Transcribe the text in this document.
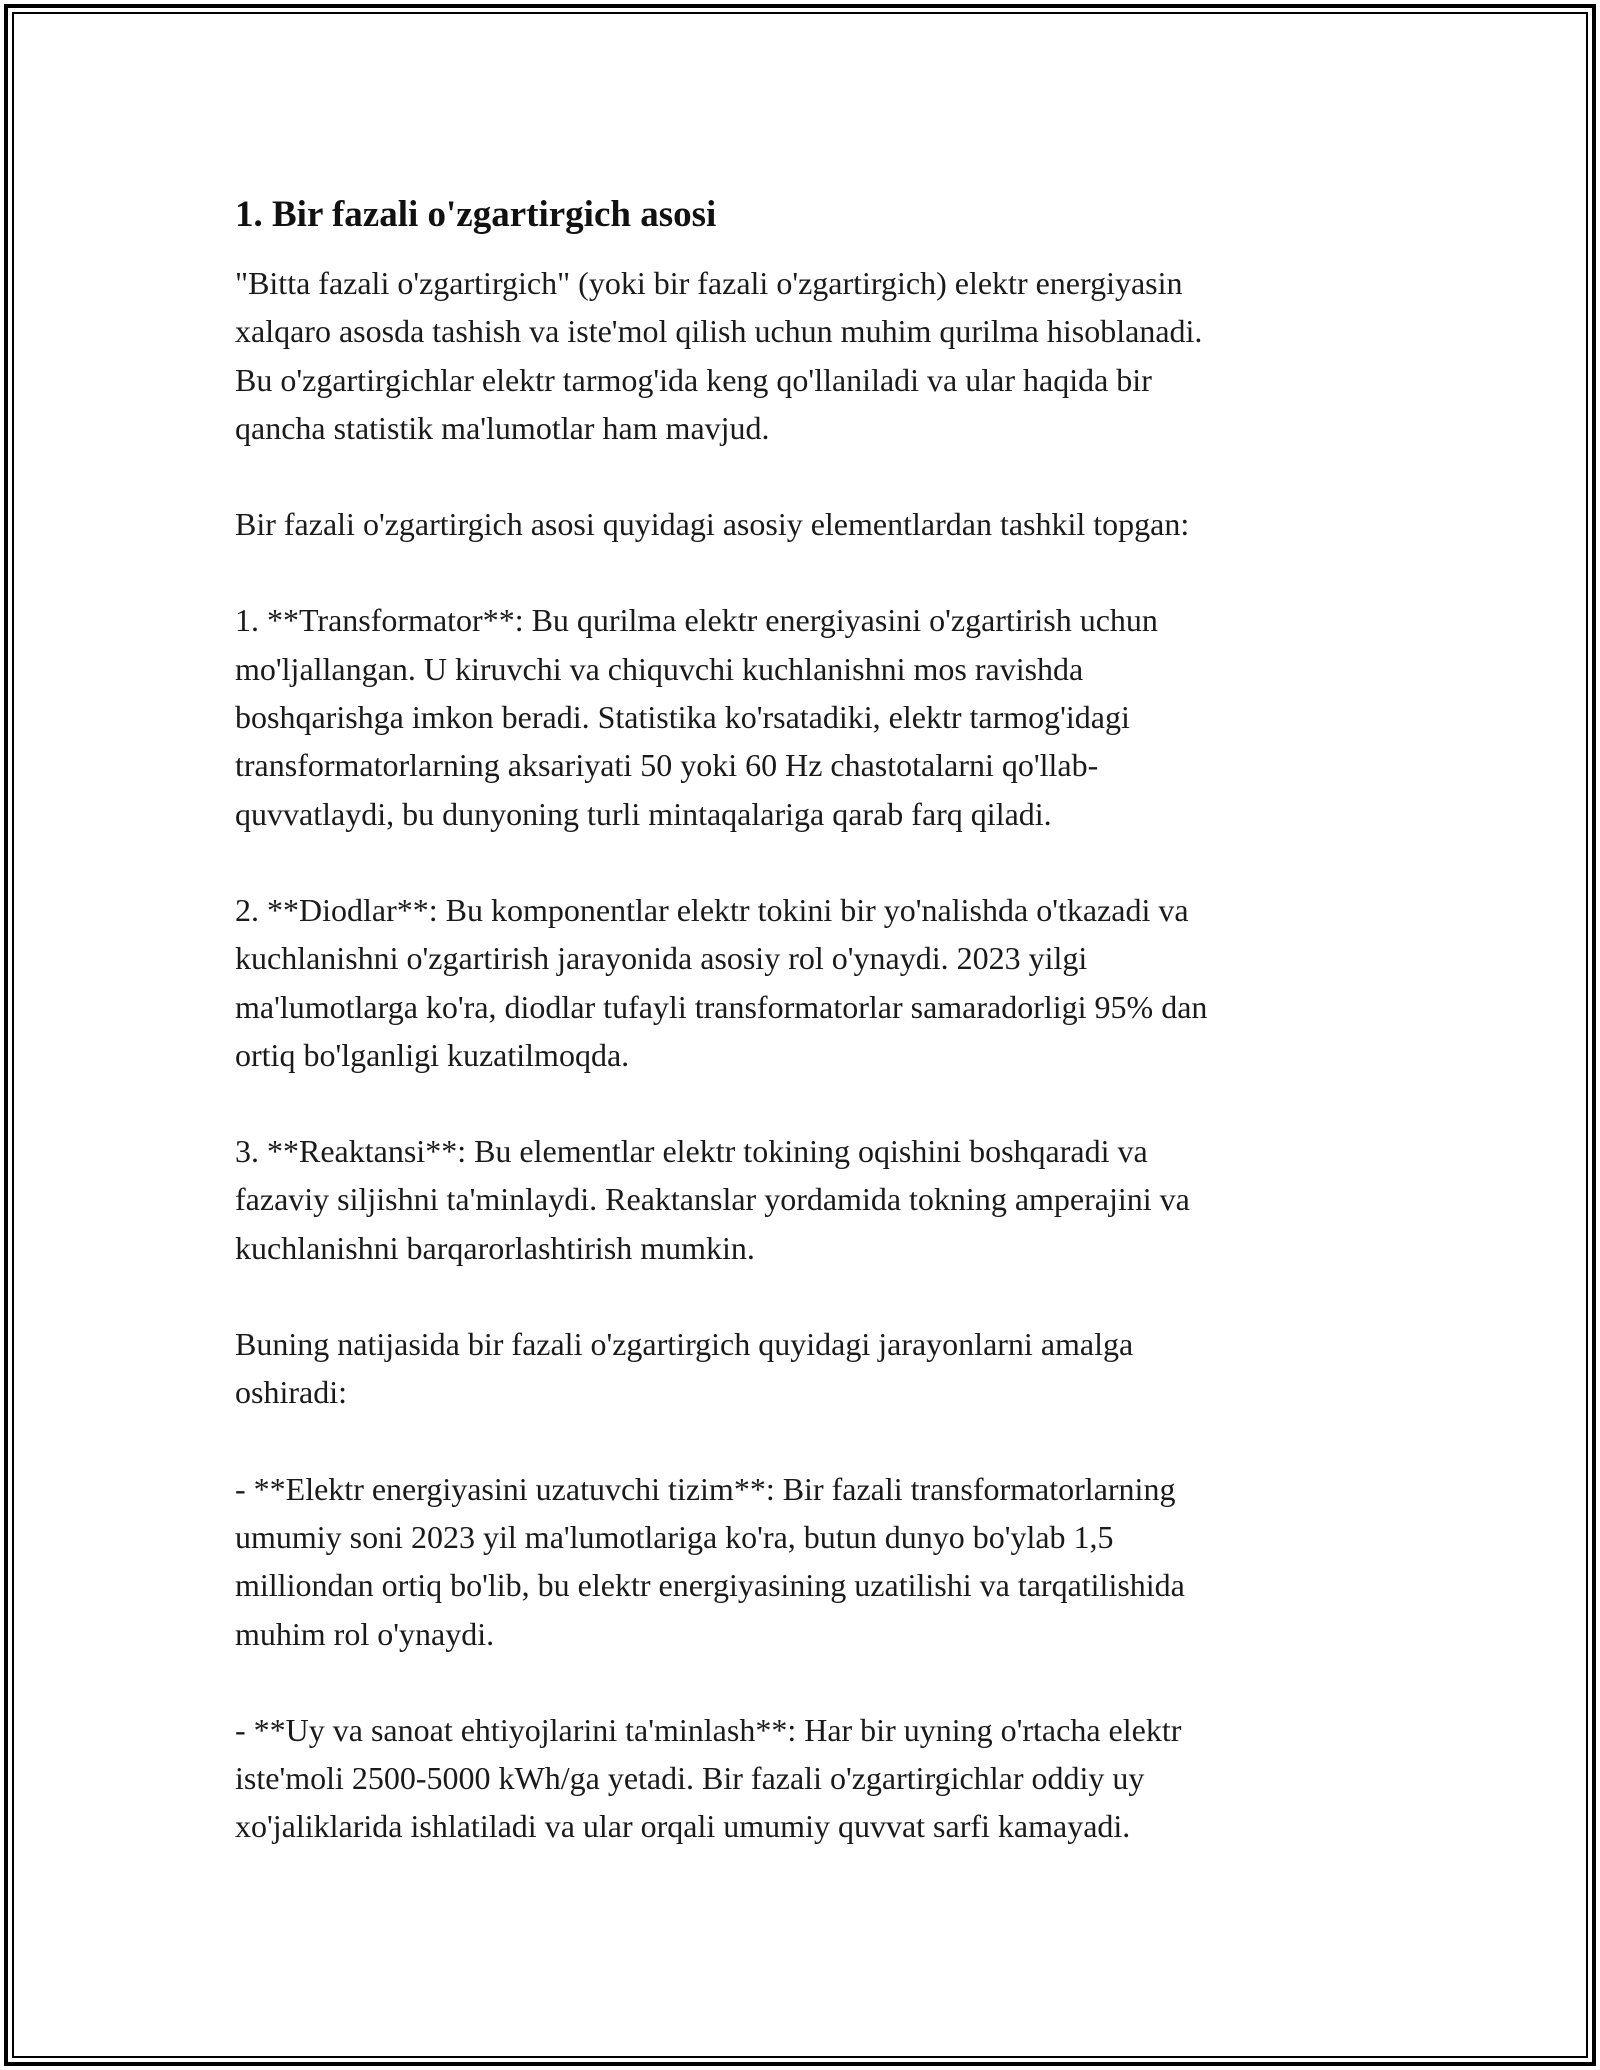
1. Bir fazali o'zgartirgich asosi

"Bitta fazali o'zgartirgich" (yoki bir fazali o'zgartirgich) elektr energiyasin
xalqaro asosda tashish va iste'mol qilish uchun muhim qurilma hisoblanadi.
Bu o'zgartirgichlar elektr tarmog'ida keng qo'llaniladi va ular haqida bir
qancha statistik ma'lumotlar ham mavjud.

Bir fazali o'zgartirgich asosi quyidagi asosiy elementlardan tashkil topgan:

1. **Transformator**: Bu qurilma elektr energiyasini o'zgartirish uchun
mo'ljallangan. U kiruvchi va chiquvchi kuchlanishni mos ravishda
boshqarishga imkon beradi. Statistika ko'rsatadiki, elektr tarmog'idagi
transformatorlarning aksariyati 50 yoki 60 Hz chastotalarni qo'llab-
quvvatlaydi, bu dunyoning turli mintaqalariga qarab farq qiladi.

2. **Diodlar**: Bu komponentlar elektr tokini bir yo'nalishda o'tkazadi va
kuchlanishni o'zgartirish jarayonida asosiy rol o'ynaydi. 2023 yilgi
ma'lumotlarga ko'ra, diodlar tufayli transformatorlar samaradorligi 95% dan
ortiq bo'lganligi kuzatilmoqda.

3. **Reaktansi**: Bu elementlar elektr tokining oqishini boshqaradi va
fazaviy siljishni ta'minlaydi. Reaktanslar yordamida tokning amperajini va
kuchlanishni barqarorlashtirish mumkin.

Buning natijasida bir fazali o'zgartirgich quyidagi jarayonlarni amalga
oshiradi:

- **Elektr energiyasini uzatuvchi tizim**: Bir fazali transformatorlarning
umumiy soni 2023 yil ma'lumotlariga ko'ra, butun dunyo bo'ylab 1,5
milliondan ortiq bo'lib, bu elektr energiyasining uzatilishi va tarqatilishida
muhim rol o'ynaydi.

- **Uy va sanoat ehtiyojlarini ta'minlash**: Har bir uyning o'rtacha elektr
iste'moli 2500-5000 kWh/ga yetadi. Bir fazali o'zgartirgichlar oddiy uy
xo'jaliklarida ishlatiladi va ular orqali umumiy quvvat sarfi kamayadi.
